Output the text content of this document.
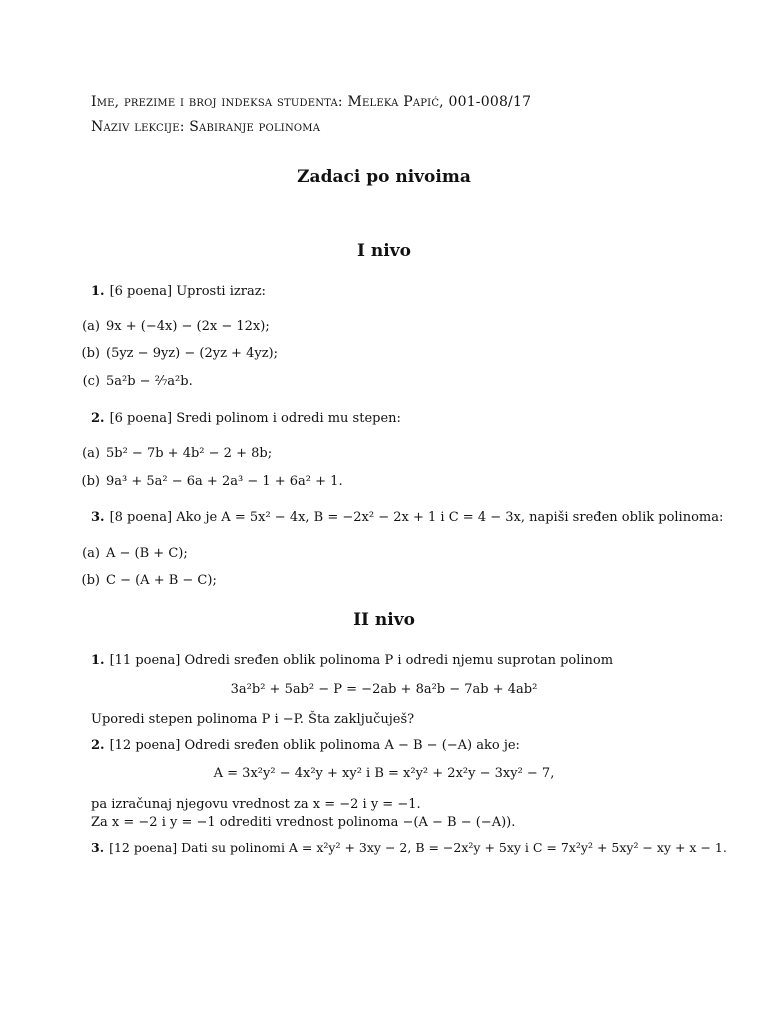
Ime, prezime i broj indeksa studenta: Meleka Papić, 001-008/17
Naziv lekcije: Sabiranje polinoma
Zadaci po nivoima
I nivo
1. [6 poena] Uprosti izraz:
(a) 9x + (−4x) − (2x − 12x);
(b) (5yz − 9yz) − (2yz + 4yz);
(c) 5a²b − ²⁄₇a²b.
2. [6 poena] Sredi polinom i odredi mu stepen:
(a) 5b² − 7b + 4b² − 2 + 8b;
(b) 9a³ + 5a² − 6a + 2a³ − 1 + 6a² + 1.
3. [8 poena] Ako je A = 5x² − 4x, B = −2x² − 2x + 1 i C = 4 − 3x, napiši sređen oblik polinoma:
(a) A − (B + C);
(b) C − (A + B − C);
II nivo
1. [11 poena] Odredi sređen oblik polinoma P i odredi njemu suprotan polinom
3a²b² + 5ab² − P = −2ab + 8a²b − 7ab + 4ab²
Uporedi stepen polinoma P i −P. Šta zaključuješ?
2. [12 poena] Odredi sređen oblik polinoma A − B − (−A) ako je:
A = 3x²y² − 4x²y + xy² i B = x²y² + 2x²y − 3xy² − 7,
pa izračunaj njegovu vrednost za x = −2 i y = −1.
Za x = −2 i y = −1 odrediti vrednost polinoma −(A − B − (−A)).
3. [12 poena] Dati su polinomi A = x²y² + 3xy − 2, B = −2x²y + 5xy i C = 7x²y² + 5xy² − xy + x − 1.
